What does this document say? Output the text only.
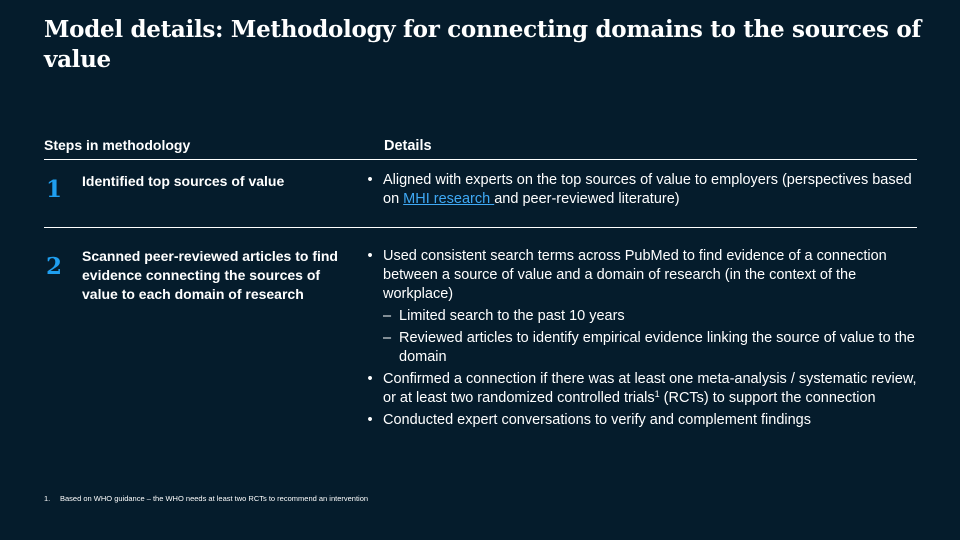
Model details: Methodology for connecting domains to the sources of value
Steps in methodology	Details
1 Identified top sources of value	• Aligned with experts on the top sources of value to employers (perspectives based on MHI research and peer-reviewed literature)
2 Scanned peer-reviewed articles to find evidence connecting the sources of value to each domain of research
• Used consistent search terms across PubMed to find evidence of a connection between a source of value and a domain of research (in the context of the workplace)
– Limited search to the past 10 years
– Reviewed articles to identify empirical evidence linking the source of value to the domain
• Confirmed a connection if there was at least one meta-analysis / systematic review, or at least two randomized controlled trials$^1$ (RCTs) to support the connection
• Conducted expert conversations to verify and complement findings
1. Based on WHO guidance – the WHO needs at least two RCTs to recommend an intervention
